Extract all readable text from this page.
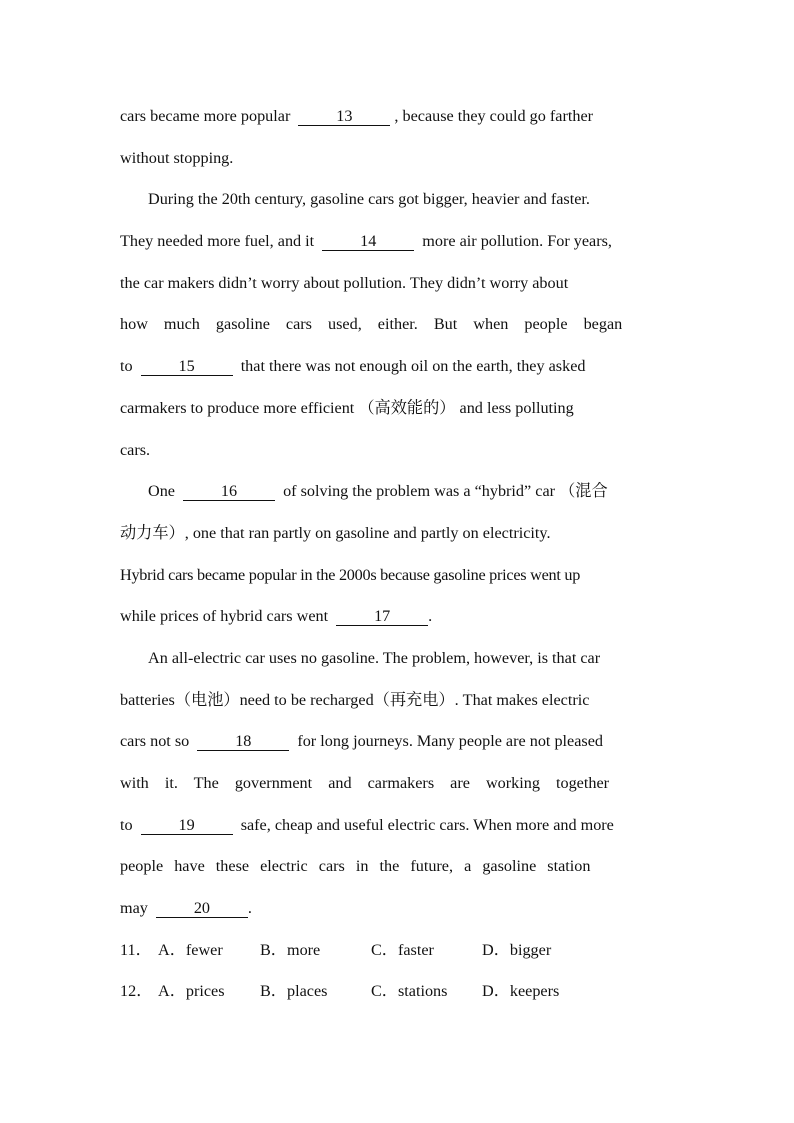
cars became more popular	13	, because they could go farther
without stopping.
During the 20th century, gasoline cars got bigger, heavier and faster.
They needed more fuel, and it	14	more air pollution. For years,
the car makers didn’t worry about pollution. They didn’t worry about
how much gasoline cars used, either. But when people began
to	15	that there was not enough oil on the earth, they asked
carmakers to produce more efficient （高效能的） and less polluting
cars.
One	16	of solving the problem was a “hybrid” car （混合
动力车）, one that ran partly on gasoline and partly on electricity.
Hybrid cars became popular in the 2000s because gasoline prices went up
while prices of hybrid cars went	17 .
An all-electric car uses no gasoline. The problem, however, is that car
batteries（电池）need to be recharged（再充电）. That makes electric
cars not so	18	for long journeys. Many people are not pleased
with it. The government and carmakers are working together
to	19	safe, cheap and useful electric cars. When more and more
people have these electric cars in the future, a gasoline station
may	20 .
11． A．fewer	B．more	C．faster	D．bigger
12． A．prices	B．places	C．stations	D．keepers
